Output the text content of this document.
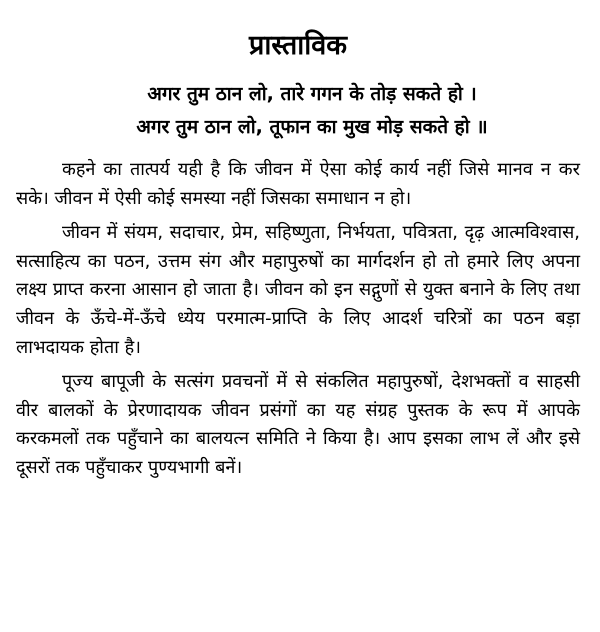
प्रास्ताविक
अगर तुम ठान लो, तारे गगन के तोड़ सकते हो ।
अगर तुम ठान लो, तूफान का मुख मोड़ सकते हो ॥

कहने का तात्पर्य यही है कि जीवन में ऐसा कोई कार्य नहीं जिसे मानव न कर सके। जीवन में ऐसी कोई समस्या नहीं जिसका समाधान न हो।

जीवन में संयम, सदाचार, प्रेम, सहिष्णुता, निर्भयता, पवित्रता, दृढ़ आत्मविश्वास, सत्साहित्य का पठन, उत्तम संग और महापुरुषों का मार्गदर्शन हो तो हमारे लिए अपना लक्ष्य प्राप्त करना आसान हो जाता है। जीवन को इन सद्गुणों से युक्त बनाने के लिए तथा जीवन के ऊँचे-में-ऊँचे ध्येय परमात्म-प्राप्ति के लिए आदर्श चरित्रों का पठन बड़ा लाभदायक होता है।

पूज्य बापूजी के सत्संग प्रवचनों में से संकलित महापुरुषों, देशभक्तों व साहसी वीर बालकों के प्रेरणादायक जीवन प्रसंगों का यह संग्रह पुस्तक के रूप में आपके करकमलों तक पहुँचाने का बालयत्न समिति ने किया है। आप इसका लाभ लें और इसे दूसरों तक पहुँचाकर पुण्यभागी बनें।
